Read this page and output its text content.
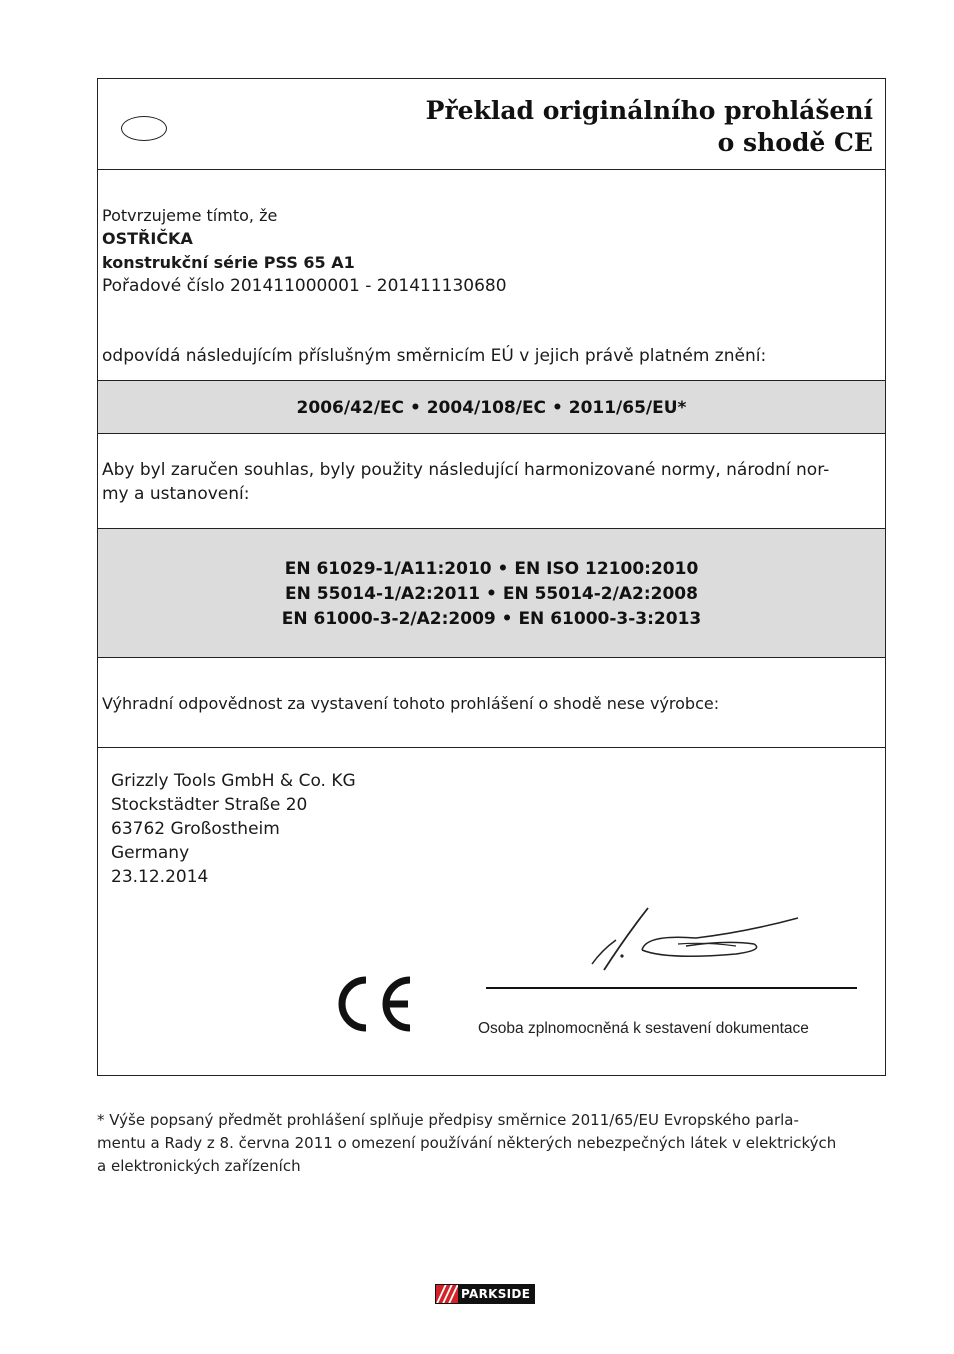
Překlad originálního prohlášení
o shodě CE
Potvrzujeme tímto, že
OSTŘIČKA
konstrukční série PSS 65 A1
Pořadové číslo 201411000001 - 201411130680
odpovídá následujícím příslušným směrnicím EÚ v jejich právě platném znění:
2006/42/EC • 2004/108/EC • 2011/65/EU*
Aby byl zaručen souhlas, byly použity následující harmonizované normy, národní nor-
my a ustanovení:
EN 61029-1/A11:2010 • EN ISO 12100:2010
EN 55014-1/A2:2011 • EN 55014-2/A2:2008
EN 61000-3-2/A2:2009 • EN 61000-3-3:2013
Výhradní odpovědnost za vystavení tohoto prohlášení o shodě nese výrobce:
Grizzly Tools GmbH & Co. KG
Stockstädter Straße 20
63762 Großostheim
Germany
23.12.2014
Osoba zplnomocněná k sestavení dokumentace
* Výše popsaný předmět prohlášení splňuje předpisy směrnice 2011/65/EU Evropského parla-
mentu a Rady z 8. června 2011 o omezení používání některých nebezpečných látek v elektrických
a elektronických zařízeních
PARKSIDE
